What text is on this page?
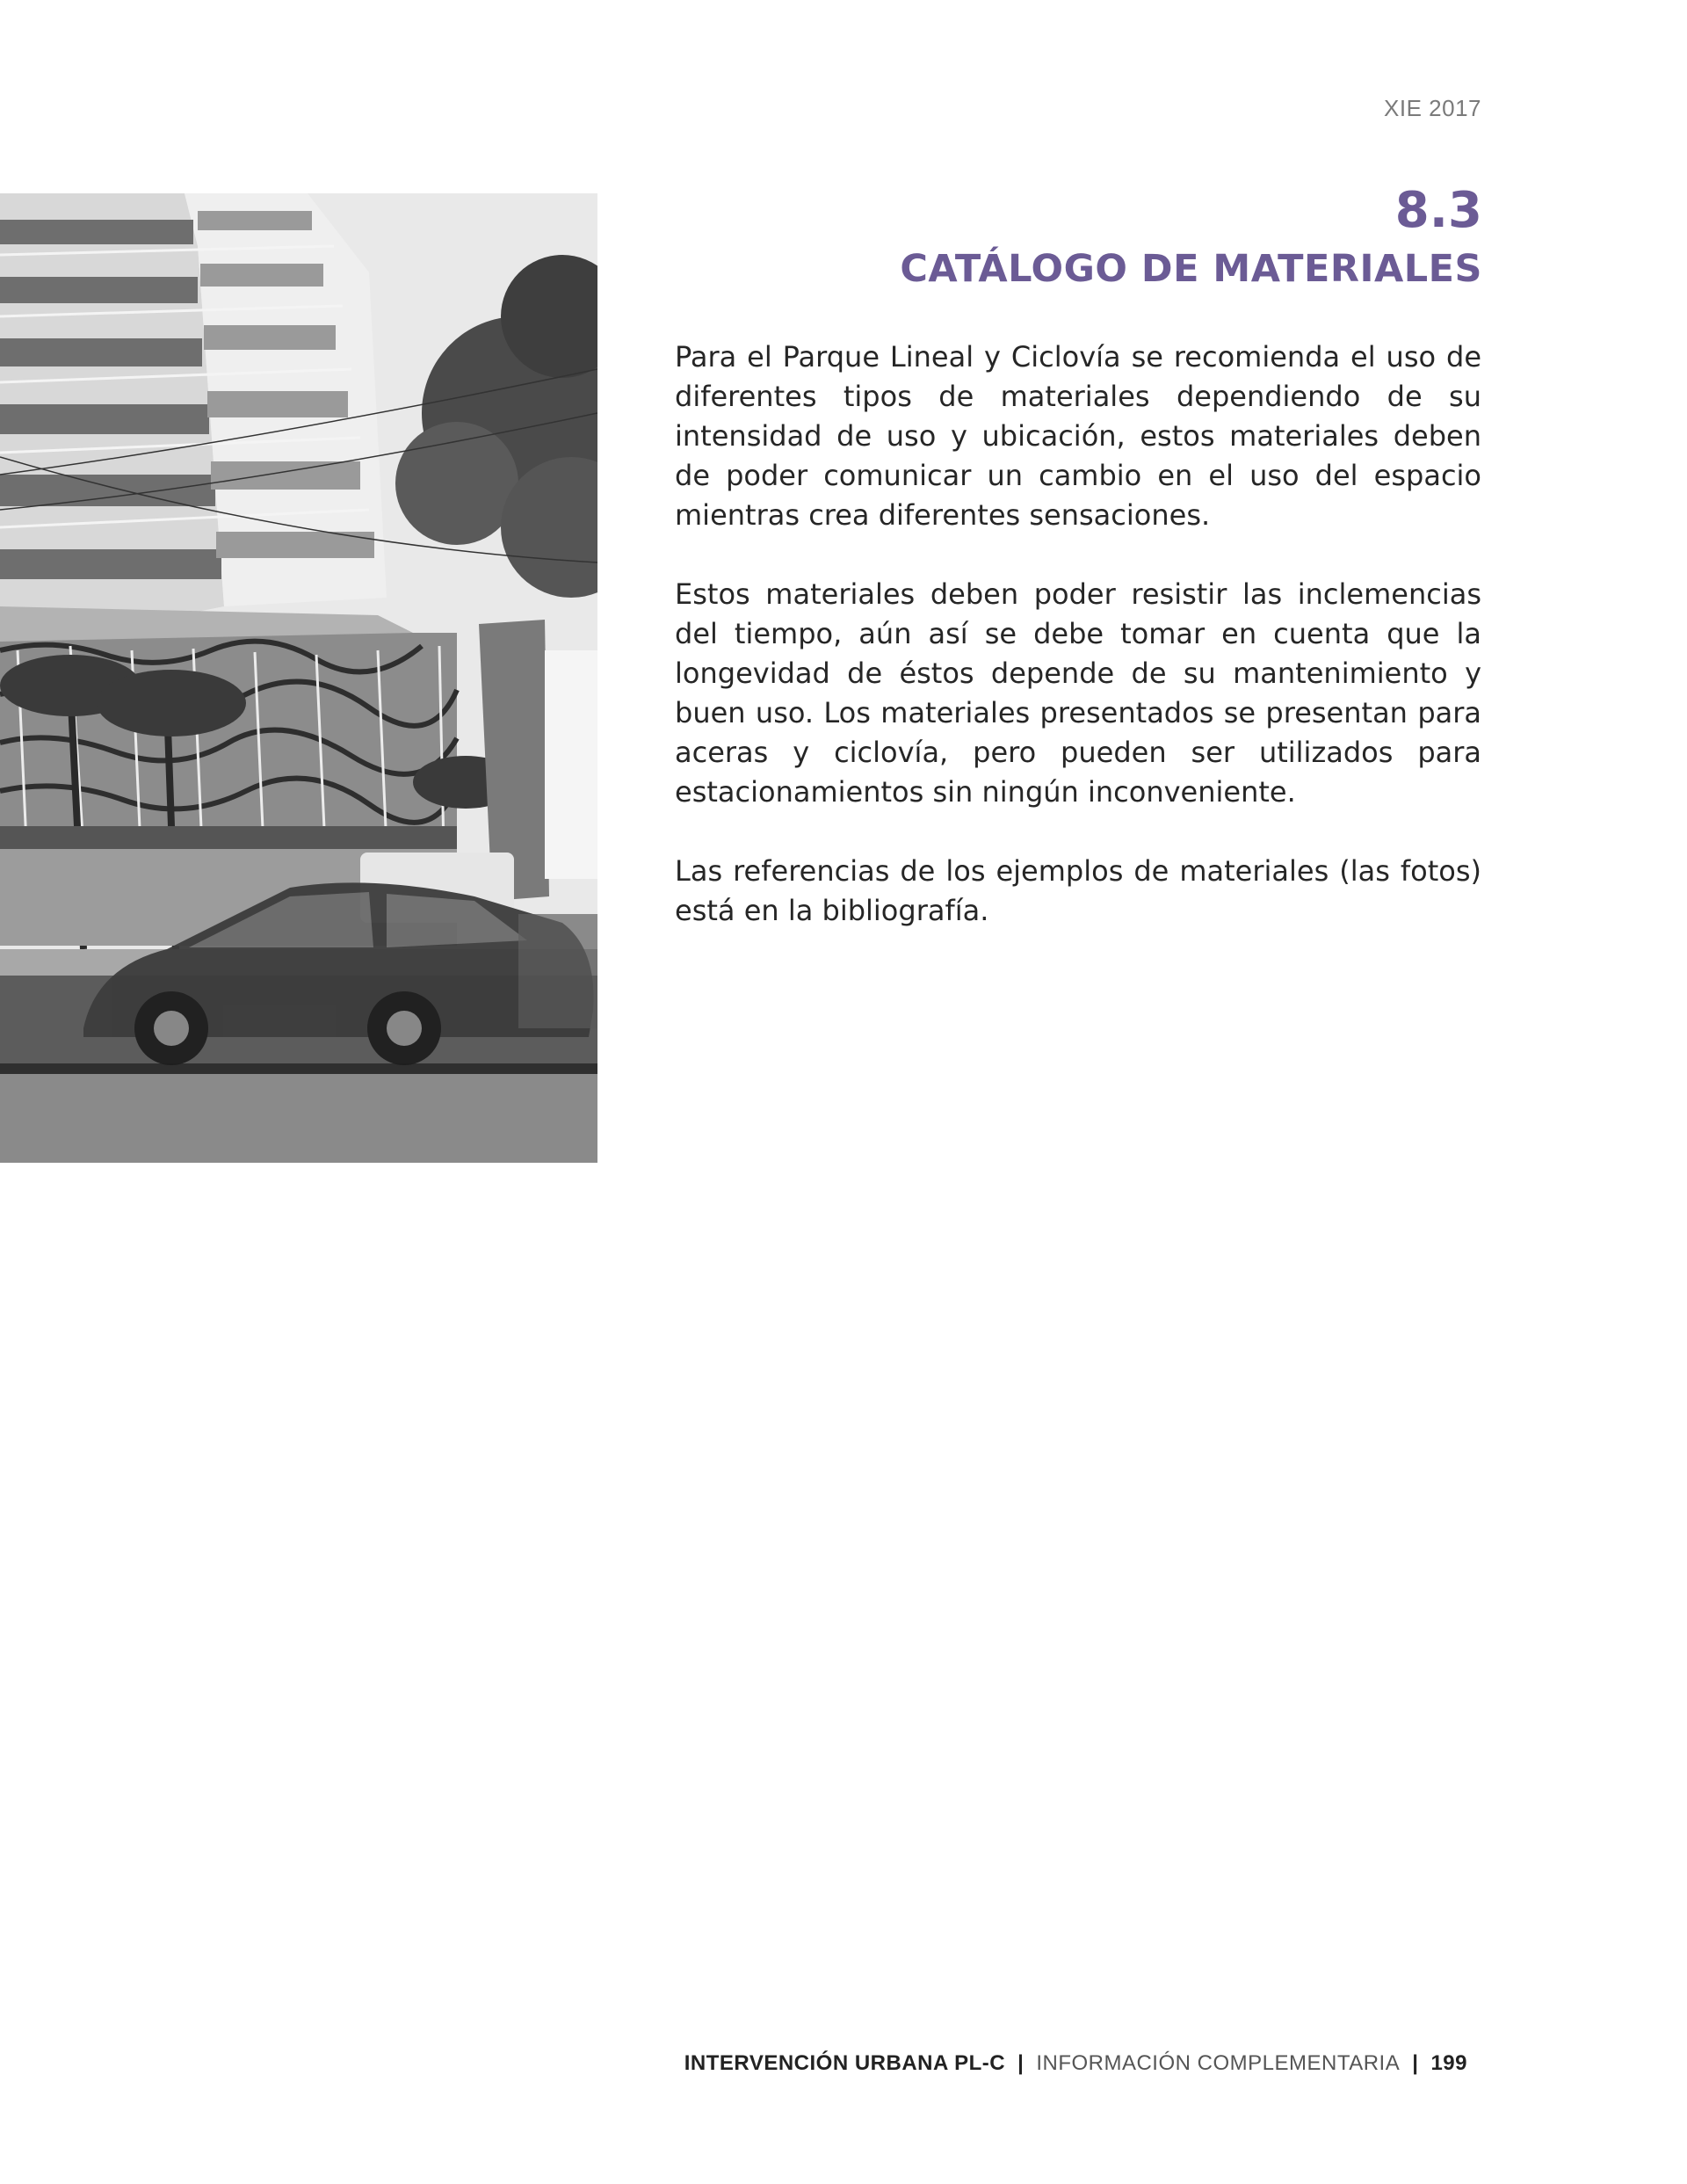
XIE 2017
8.3
CATÁLOGO DE MATERIALES

Para el Parque Lineal y Ciclovía se recomienda el uso de diferentes tipos de materiales dependiendo de su intensidad de uso y ubicación, estos materiales deben de poder comunicar un cambio en el uso del espacio mientras crea diferentes sensaciones.

Estos materiales deben poder resistir las inclemencias del tiempo, aún así se debe tomar en cuenta que la longevidad de éstos depende de su mantenimiento y buen uso. Los materiales presentados se presentan para aceras y ciclovía, pero pueden ser utilizados para estacionamientos sin ningún inconveniente.

Las referencias de los ejemplos de materiales (las fotos) está en la bibliografía.

INTERVENCIÓN URBANA PL-C | INFORMACIÓN COMPLEMENTARIA | 199
